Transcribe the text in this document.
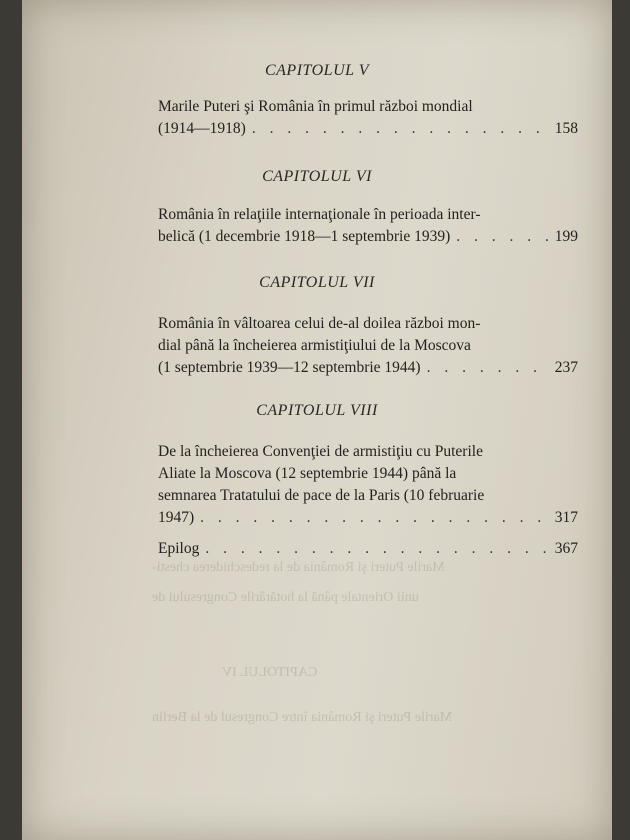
Marile Puteri şi România de la redeschiderea chesti-
unii Orientale până la hotărârile Congresului de
CAPITOLUL IV
Marile Puteri şi România între Congresul de la Berlin
CAPITOLUL V
Marile Puteri şi România în primul război mondial
(1914—1918) . . .	158
CAPITOLUL VI
România în relaţiile internaţionale în perioada inter-
belică (1 decembrie 1918—1 septembrie 1939) . . .	199
CAPITOLUL VII
România în vâltoarea celui de-al doilea război mon-
dial până la încheierea armistiţiului de la Moscova
(1 septembrie 1939—12 septembrie 1944) . . .	237
CAPITOLUL VIII
De la încheierea Convenţiei de armistiţiu cu Puterile
Aliate la Moscova (12 septembrie 1944) până la
semnarea Tratatului de pace de la Paris (10 februarie
1947) . . .	317
Epilog . . .	367
